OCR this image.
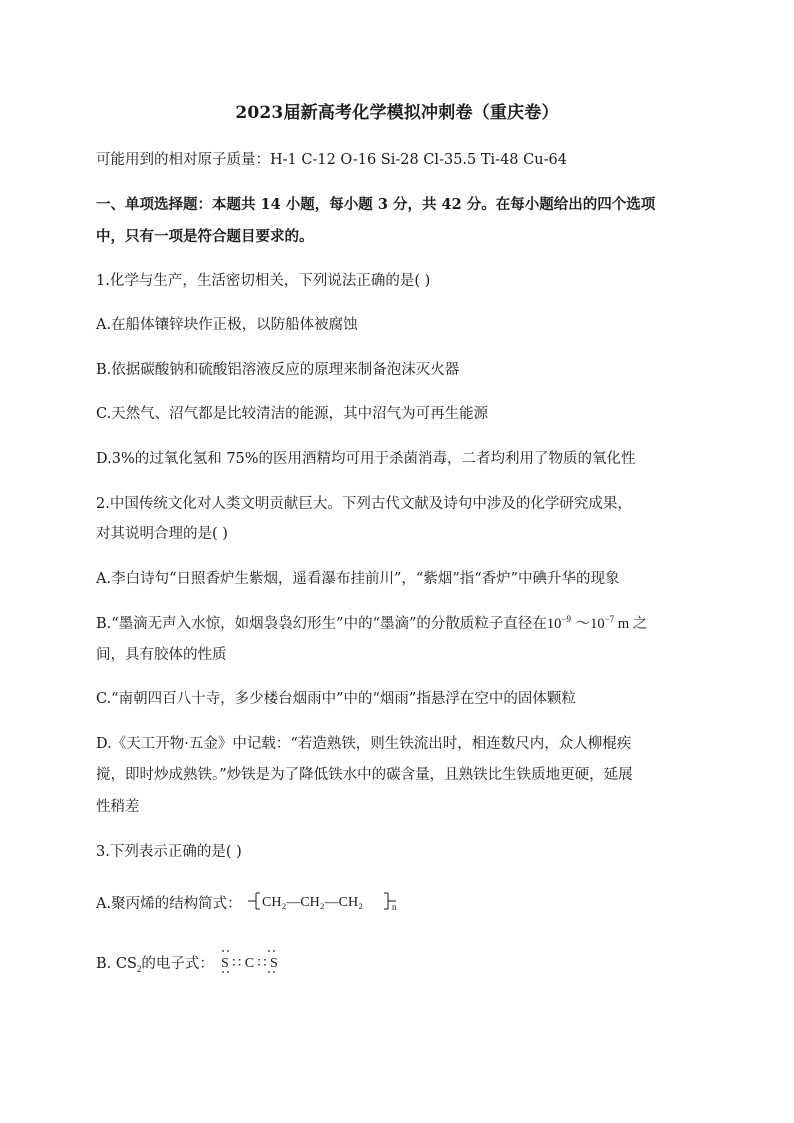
2023届新高考化学模拟冲刺卷（重庆卷）
可能用到的相对原子质量：H-1 C-12 O-16 Si-28 Cl-35.5 Ti-48 Cu-64
一、单项选择题：本题共 14 小题，每小题 3 分，共 42 分。在每小题给出的四个选项
中，只有一项是符合题目要求的。
1.化学与生产，生活密切相关，下列说法正确的是( )
A.在船体镶锌块作正极，以防船体被腐蚀
B.依据碳酸钠和硫酸铝溶液反应的原理来制备泡沫灭火器
C.天然气、沼气都是比较清洁的能源，其中沼气为可再生能源
D.3%的过氧化氢和 75%的医用酒精均可用于杀菌消毒，二者均利用了物质的氧化性
2.中国传统文化对人类文明贡献巨大。下列古代文献及诗句中涉及的化学研究成果，
对其说明合理的是( )
A.李白诗句“日照香炉生紫烟，遥看瀑布挂前川”，“紫烟”指“香炉”中碘升华的现象
B.“墨滴无声入水惊，如烟袅袅幻形生”中的“墨滴”的分散质粒子直径在$10^{-9}$ $\sim 10^{-7}$ m 之
间，具有胶体的性质
C.“南朝四百八十寺，多少楼台烟雨中”中的“烟雨”指悬浮在空中的固体颗粒
D.《天工开物·五金》中记载：“若造熟铁，则生铁流出时，相连数尺内，众人柳棍疾
搅，即时炒成熟铁。”炒铁是为了降低铁水中的碳含量，且熟铁比生铁质地更硬，延展
性稍差
3.下列表示正确的是( )
A.聚丙烯的结构简式： CH₂—CH₂—CH₂	n
B. $CS_2$的电子式： S ∷ C ∷ S
